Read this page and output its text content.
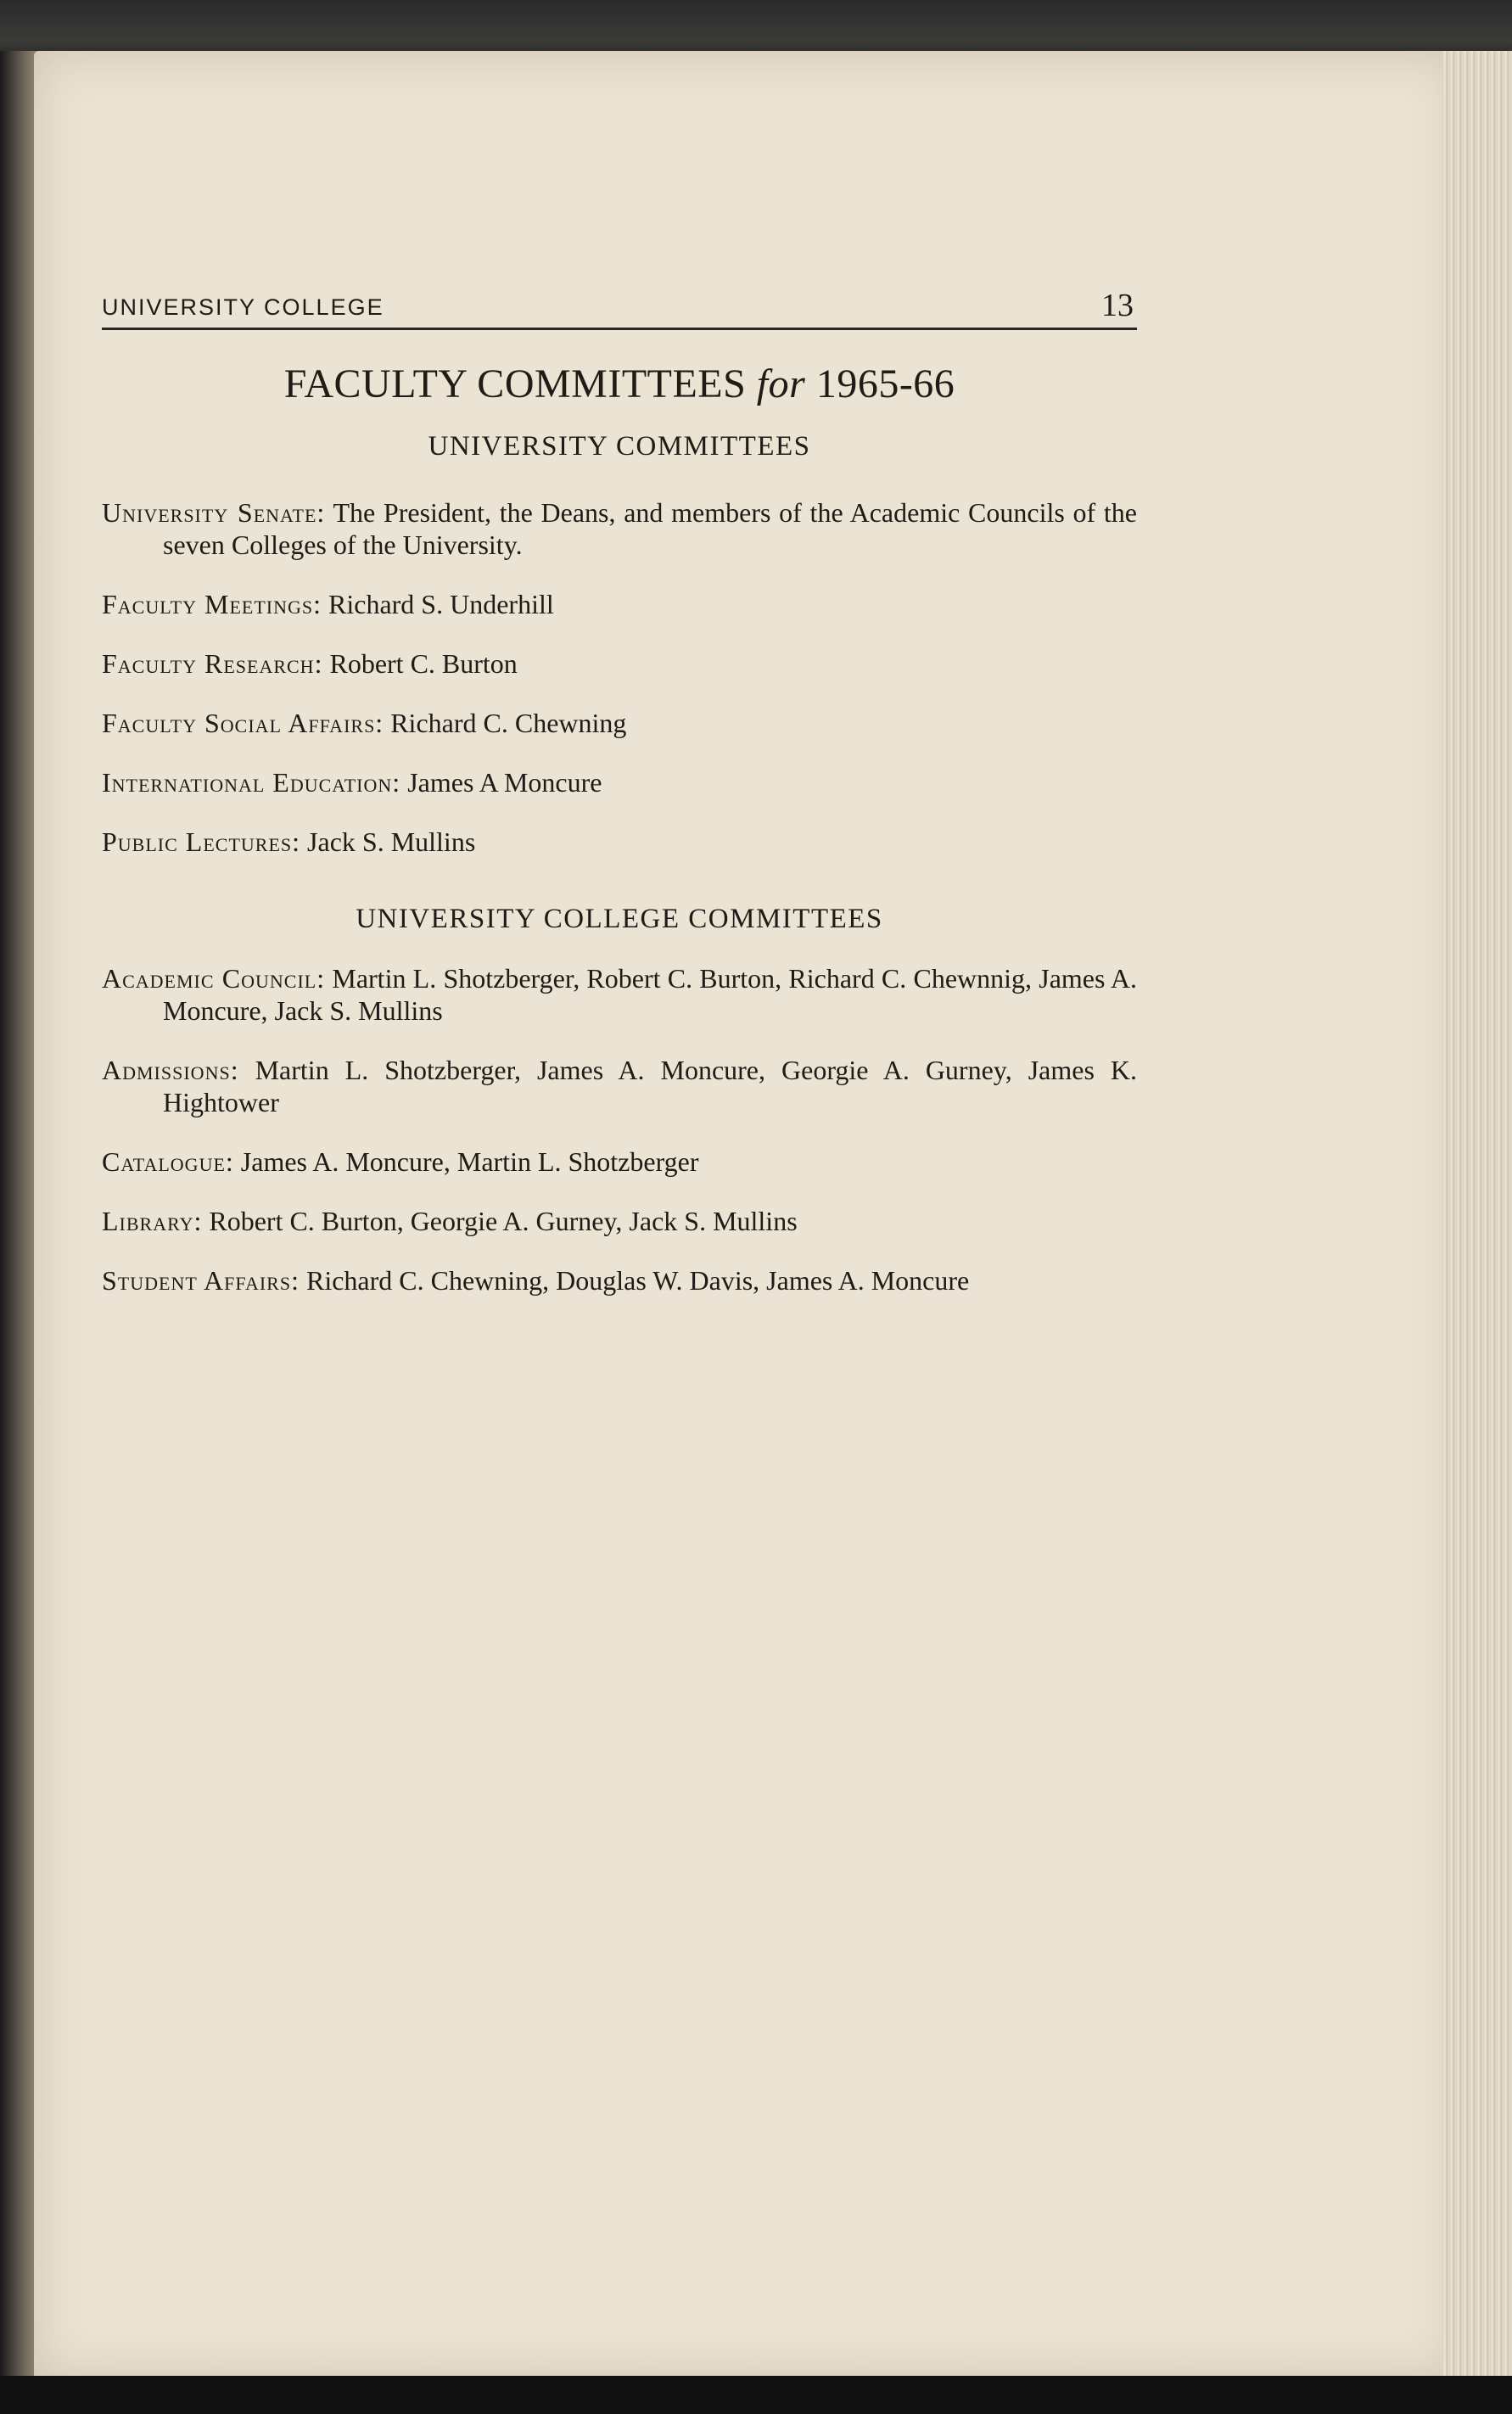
UNIVERSITY COLLEGE	13
FACULTY COMMITTEES for 1965-66
UNIVERSITY COMMITTEES

University Senate: The President, the Deans, and members of the Academic Councils of the seven Colleges of the University.

Faculty Meetings: Richard S. Underhill

Faculty Research: Robert C. Burton

Faculty Social Affairs: Richard C. Chewning

International Education: James A Moncure

Public Lectures: Jack S. Mullins

UNIVERSITY COLLEGE COMMITTEES

Academic Council: Martin L. Shotzberger, Robert C. Burton, Richard C. Chewnnig, James A. Moncure, Jack S. Mullins

Admissions: Martin L. Shotzberger, James A. Moncure, Georgie A. Gurney, James K. Hightower

Catalogue: James A. Moncure, Martin L. Shotzberger

Library: Robert C. Burton, Georgie A. Gurney, Jack S. Mullins

Student Affairs: Richard C. Chewning, Douglas W. Davis, James A. Moncure
